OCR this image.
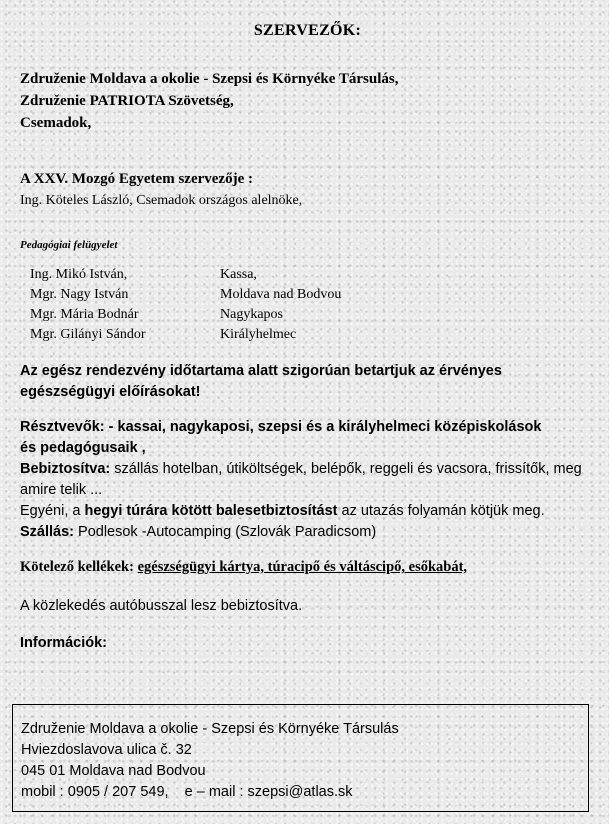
SZERVEZŐK:
Združenie Moldava a okolie - Szepsi és Környéke Társulás,
Združenie PATRIOTA Szövetség,
Csemadok,
A XXV. Mozgó Egyetem szervezője :
Ing. Köteles László, Csemadok országos alelnöke,
Pedagógiai felügyelet
Ing. Mikó István,	Kassa,
Mgr. Nagy István	Moldava nad Bodvou
Mgr. Mária Bodnár	Nagykapos
Mgr. Gilányi Sándor	Királyhelmec
Az egész rendezvény időtartama alatt szigorúan betartjuk az érvényes egészségügyi előírásokat!
Résztvevők: - kassai, nagykaposi, szepsi és a királyhelmeci középiskolások és pedagógusaik ,
Bebiztosítva: szállás hotelban, útiköltségek, belépők, reggeli és vacsora, frissítők, meg amire telik ...
Egyéni, a hegyi túrára kötött balesetbiztosítást az utazás folyamán kötjük meg.
Szállás: Podlesok -Autocamping (Szlovák Paradicsom)
Kötelező kellékek: egészségügyi kártya, túracipő és váltáscipő, esőkabát,
A közlekedés autóbusszal lesz bebiztosítva.
Információk:
Združenie Moldava a okolie - Szepsi és Környéke Társulás
Hviezdoslavova ulica č. 32
045 01 Moldava nad Bodvou
mobil : 0905 / 207 549, e – mail : szepsi@atlas.sk
